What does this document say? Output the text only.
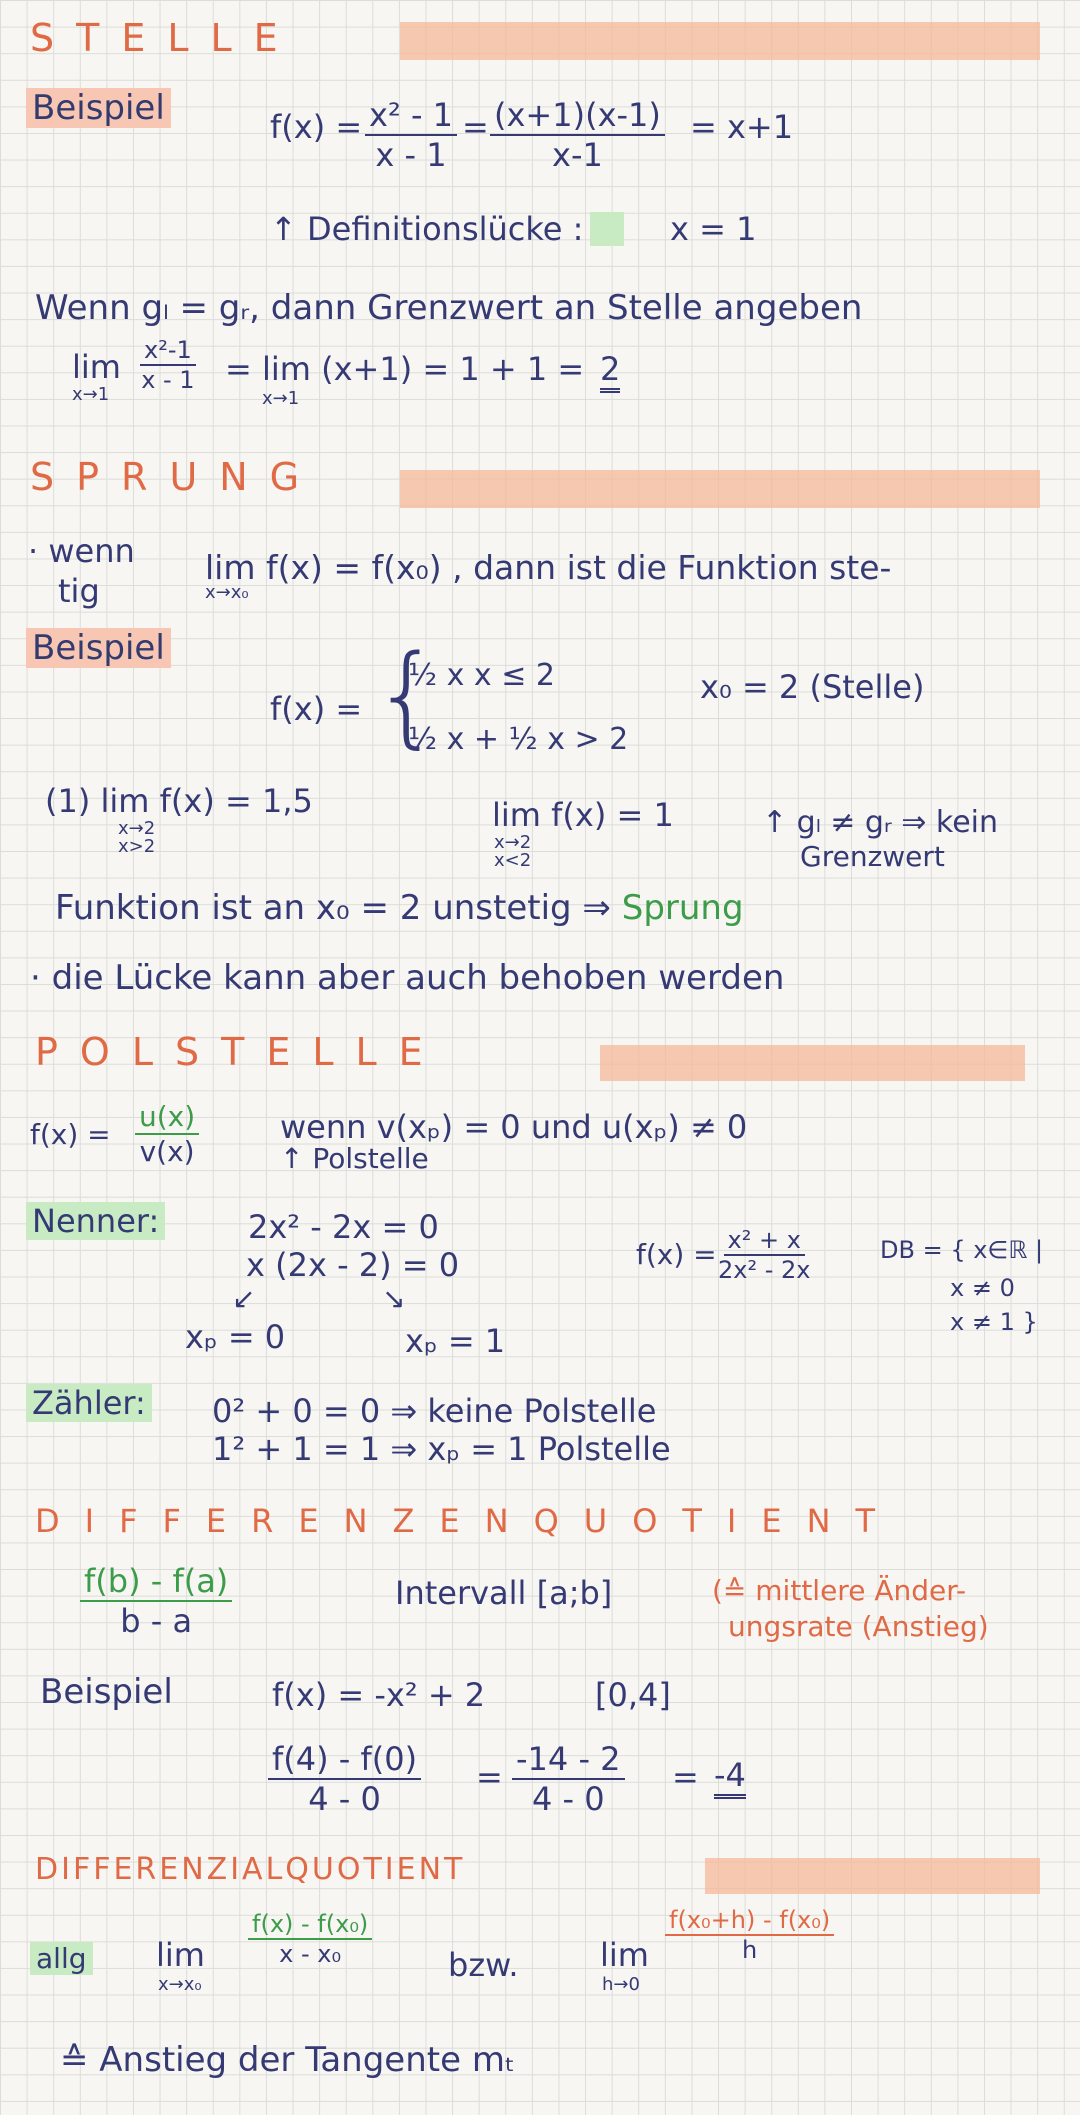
STELLE
Beispiel	$f(x) = \frac{\text{x² - 1}}{x - 1} = \frac{(x+1)(x-1)}{x-1} = x+1$
↑ Definitionslücke :	x = 1
Wenn gₗ = gᵣ, dann Grenzwert an Stelle angeben
lim
x→1
$\frac{\text{x²-1}}{x - 1} = \lim (x+1) = 1 + 1$ =
x→1
2
SPRUNG
· wenn
tig
lim f(x) = f(x₀) , dann ist die Funktion ste-
x→x₀
Beispiel
f(x) = {
½ x x ≤ 2
½ x + ½ x > 2
x₀ = 2 (Stelle)
(1) lim f(x) = 1,5
x→2
x>2
lim f(x) = 1
x→2
x<2
↑ gₗ ≠ gᵣ ⇒ kein
Grenzwert
Funktion ist an x₀ = 2 unstetig ⇒ Sprung
· die Lücke kann aber auch behoben werden
POLSTELLE
$f(x) = \frac{u(x)}{v(x)}$	wenn v(xₚ) = 0 und u(xₚ) ≠ 0
↑ Polstelle
Nenner:	2x² - 2x = 0
x (2x - 2) = 0
↙	↘
xₚ = 0	xₚ = 1
$f(x) = \frac{\text{x² + x}}{\text{2x² - 2x}}$	DB = { x∈ℝ |
x ≠ 0
x ≠ 1 }
Zähler: 0² + 0 = 0 ⇒ keine Polstelle
1² + 1 = 1 ⇒ xₚ = 1 Polstelle
DIFFERENZENQUOTIENT
$\frac{f(b) - f(a)}{b - a}$	Intervall [a;b]	(≙ mittlere Änder-
ungsrate (Anstieg)
Beispiel	f(x) = -x² + 2	[0,4]
$\frac{f(4) - f(0)}{4 - 0} = \frac{-14 - 2}{4 - 0} = -4$
DIFFERENZIALQUOTIENT
allg lim
x→x₀
$\frac{\text{f(x) - f(x₀)}}{\text{x - x₀}}$ bzw.	lim
h→0
$\frac{\text{f(x₀+h) - f(x₀)}}{h}$
≙ Anstieg der Tangente mₜ
